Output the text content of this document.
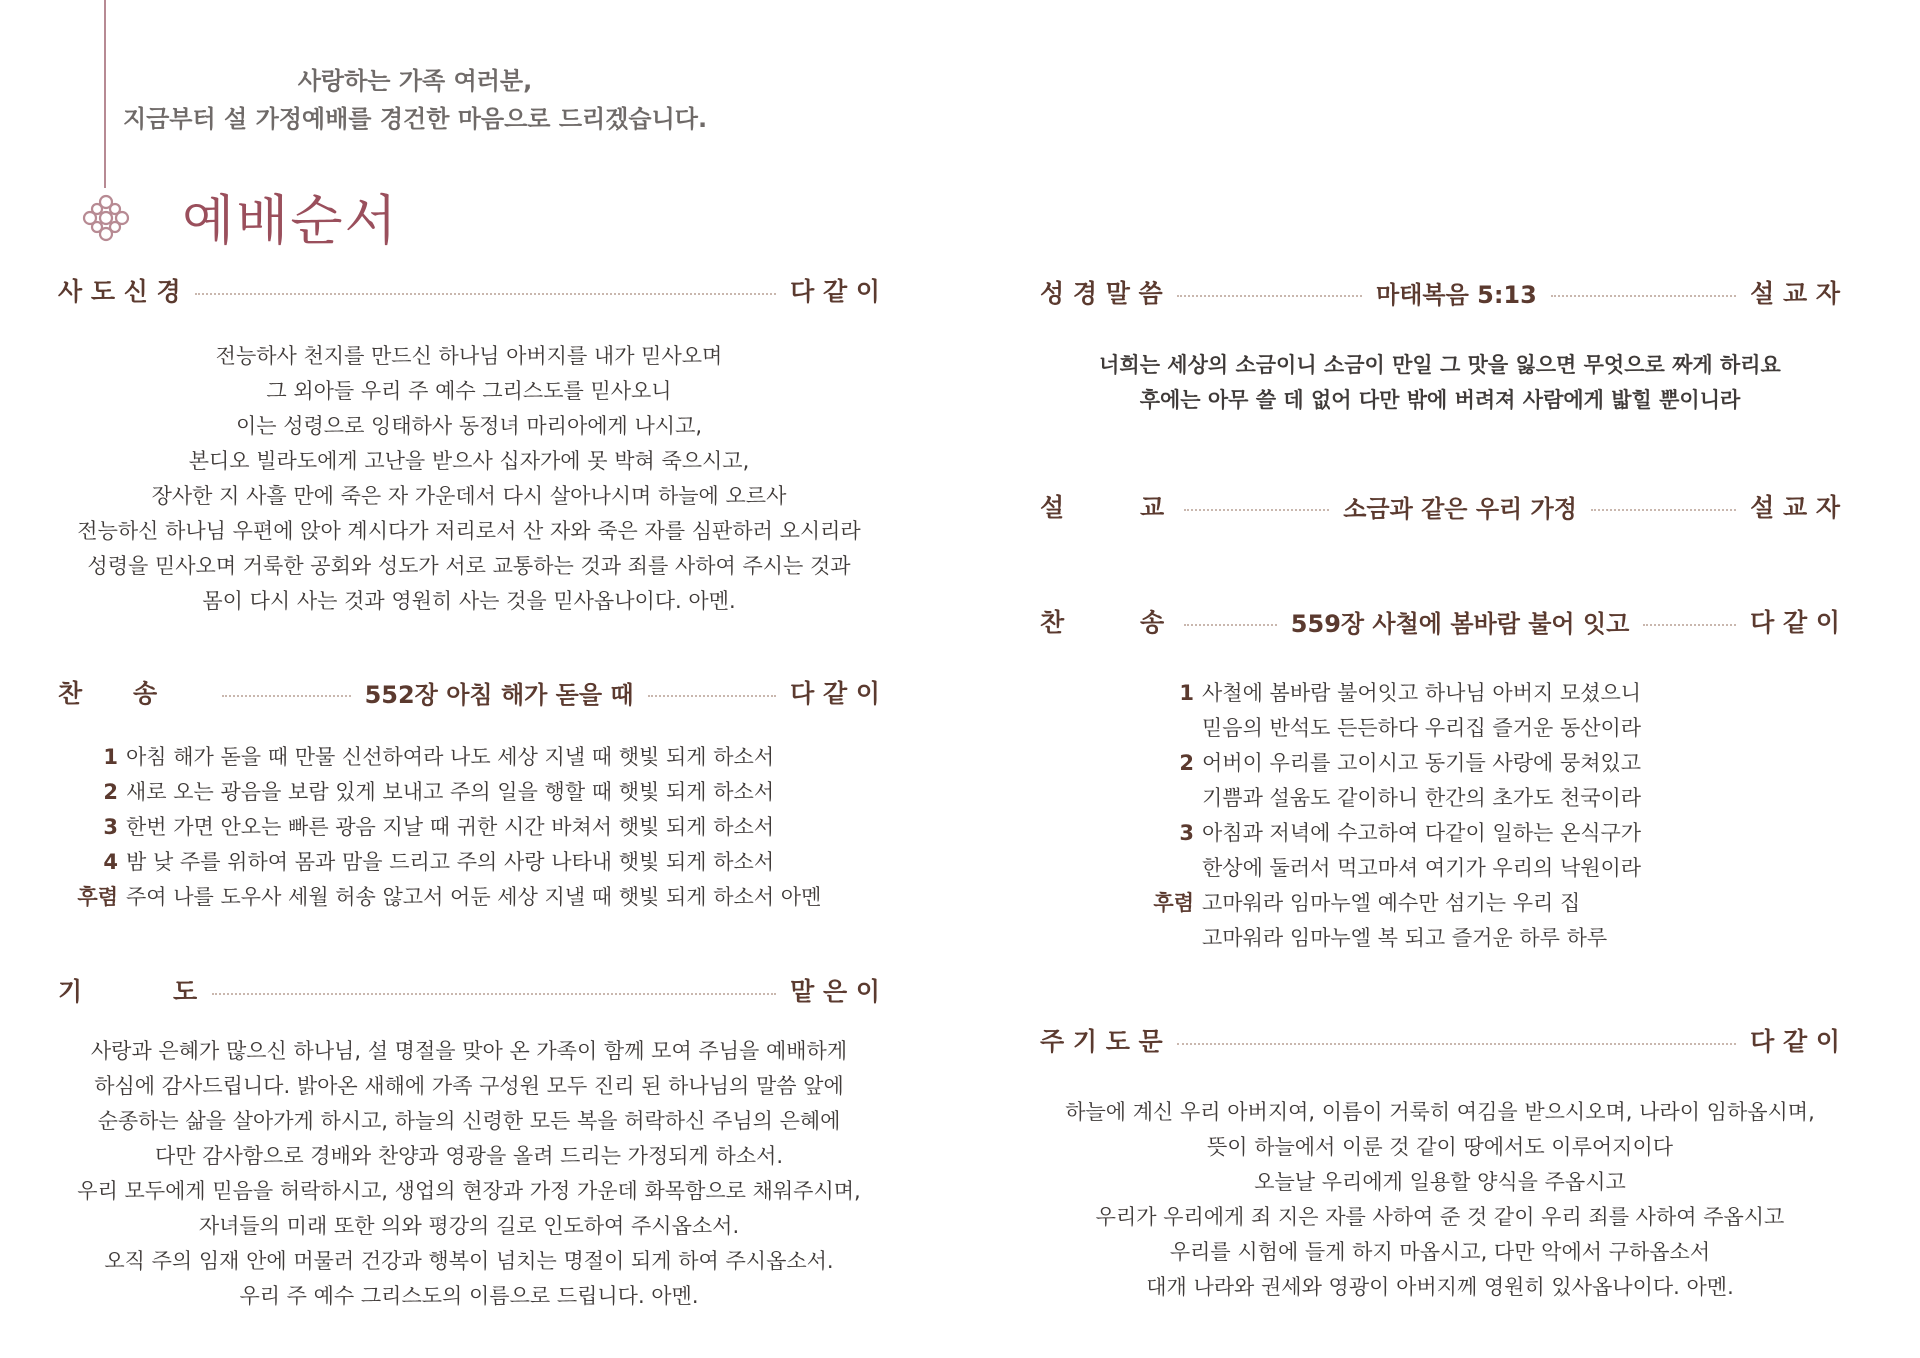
사랑하는 가족 여러분,
지금부터 설 가정예배를 경건한 마음으로 드리겠습니다.
예배순서
사 도 신 경	다 같 이

전능하사 천지를 만드신 하나님 아버지를 내가 믿사오며

그 외아들 우리 주 예수 그리스도를 믿사오니

이는 성령으로 잉태하사 동정녀 마리아에게 나시고,

본디오 빌라도에게 고난을 받으사 십자가에 못 박혀 죽으시고,

장사한 지 사흘 만에 죽은 자 가운데서 다시 살아나시며 하늘에 오르사

전능하신 하나님 우편에 앉아 계시다가 저리로서 산 자와 죽은 자를 심판하러 오시리라

성령을 믿사오며 거룩한 공회와 성도가 서로 교통하는 것과 죄를 사하여 주시는 것과

몸이 다시 사는 것과 영원히 사는 것을 믿사옵나이다. 아멘.

찬 송	552장 아침 해가 돋을 때	다 같 이
1 아침 해가 돋을 때 만물 신선하여라 나도 세상 지낼 때 햇빛 되게 하소서
2 새로 오는 광음을 보람 있게 보내고 주의 일을 행할 때 햇빛 되게 하소서
3 한번 가면 안오는 빠른 광음 지날 때 귀한 시간 바쳐서 햇빛 되게 하소서
4 밤 낮 주를 위하여 몸과 맘을 드리고 주의 사랑 나타내 햇빛 되게 하소서
후렴 주여 나를 도우사 세월 허송 않고서 어둔 세상 지낼 때 햇빛 되게 하소서 아멘
기	도	맡 은 이

사랑과 은혜가 많으신 하나님, 설 명절을 맞아 온 가족이 함께 모여 주님을 예배하게

하심에 감사드립니다. 밝아온 새해에 가족 구성원 모두 진리 된 하나님의 말씀 앞에

순종하는 삶을 살아가게 하시고, 하늘의 신령한 모든 복을 허락하신 주님의 은혜에

다만 감사함으로 경배와 찬양과 영광을 올려 드리는 가정되게 하소서.

우리 모두에게 믿음을 허락하시고, 생업의 현장과 가정 가운데 화목함으로 채워주시며,

자녀들의 미래 또한 의와 평강의 길로 인도하여 주시옵소서.

오직 주의 임재 안에 머물러 건강과 행복이 넘치는 명절이 되게 하여 주시옵소서.

우리 주 예수 그리스도의 이름으로 드립니다. 아멘.

성 경 말 씀	마태복음 5:13	설 교 자

너희는 세상의 소금이니 소금이 만일 그 맛을 잃으면 무엇으로 짜게 하리요

후에는 아무 쓸 데 없어 다만 밖에 버려져 사람에게 밟힐 뿐이니라

설	교	소금과 같은 우리 가정	설 교 자
찬	송	559장 사철에 봄바람 불어 잇고	다 같 이
1 사철에 봄바람 불어잇고 하나님 아버지 모셨으니
믿음의 반석도 든든하다 우리집 즐거운 동산이라
2 어버이 우리를 고이시고 동기들 사랑에 뭉쳐있고
기쁨과 설움도 같이하니 한간의 초가도 천국이라
3 아침과 저녁에 수고하여 다같이 일하는 온식구가
한상에 둘러서 먹고마셔 여기가 우리의 낙원이라
후렴 고마워라 임마누엘 예수만 섬기는 우리 집
고마워라 임마누엘 복 되고 즐거운 하루 하루
주 기 도 문	다 같 이

하늘에 계신 우리 아버지여, 이름이 거룩히 여김을 받으시오며, 나라이 임하옵시며,

뜻이 하늘에서 이룬 것 같이 땅에서도 이루어지이다

오늘날 우리에게 일용할 양식을 주옵시고

우리가 우리에게 죄 지은 자를 사하여 준 것 같이 우리 죄를 사하여 주옵시고

우리를 시험에 들게 하지 마옵시고, 다만 악에서 구하옵소서

대개 나라와 권세와 영광이 아버지께 영원히 있사옵나이다. 아멘.
